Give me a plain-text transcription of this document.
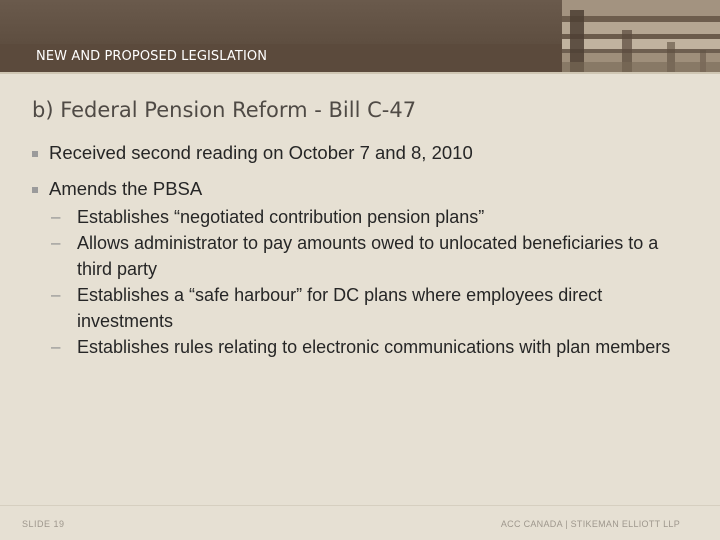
NEW AND PROPOSED LEGISLATION
b) Federal Pension Reform - Bill C-47
Received second reading on October 7 and 8, 2010
Amends the PBSA
– Establishes “negotiated contribution pension plans”
– Allows administrator to pay amounts owed to unlocated beneficiaries to a third party
– Establishes a “safe harbour” for DC plans where employees direct investments
– Establishes rules relating to electronic communications with plan members
SLIDE 19	ACC CANADA | STIKEMAN ELLIOTT LLP
